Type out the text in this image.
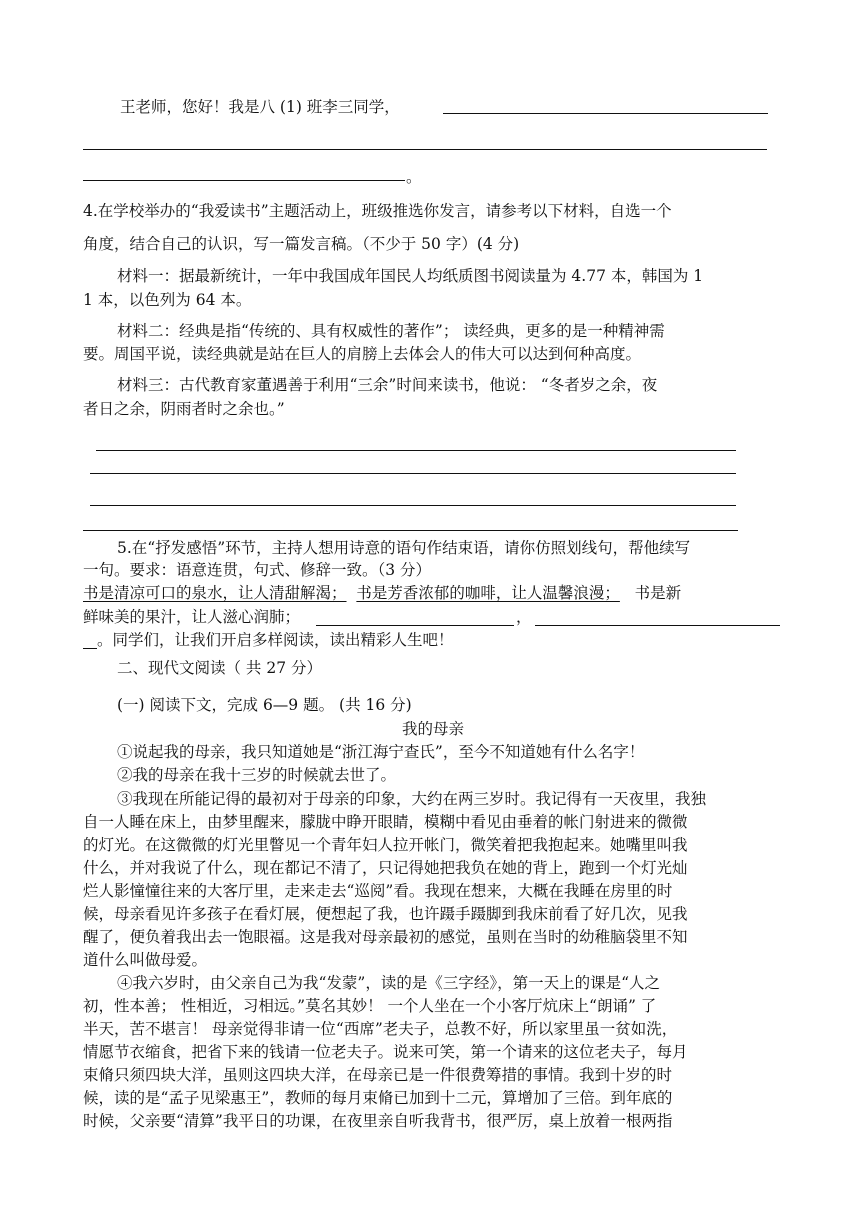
王老师，您好！我是八 (1) 班李三同学，
。
4.在学校举办的“我爱读书”主题活动上，班级推选你发言，请参考以下材料，自选一个
角度，结合自己的认识，写一篇发言稿。（不少于 50 字）(4 分)
材料一：据最新统计，一年中我国成年国民人均纸质图书阅读量为 4.77 本，韩国为 1
1 本，以色列为 64 本。
材料二：经典是指“传统的、具有权威性的著作”； 读经典，更多的是一种精神需
要。周国平说，读经典就是站在巨人的肩膀上去体会人的伟大可以达到何种高度。
材料三：古代教育家董遇善于利用“三余”时间来读书，他说： “冬者岁之余，夜
者日之余，阴雨者时之余也。”
5.在“抒发感悟”环节，主持人想用诗意的语句作结束语，请你仿照划线句，帮他续写
一句。要求：语意连贯，句式、修辞一致。（3 分）
书是清凉可口的泉水，让人清甜解渴； 书是芳香浓郁的咖啡，让人温馨浪漫； 书是新
鲜味美的果汁，让人滋心润肺；	，
。同学们，让我们开启多样阅读，读出精彩人生吧！
二、现代文阅读（ 共 27 分）
(一) 阅读下文，完成 6—9 题。 (共 16 分)
我的母亲
①说起我的母亲，我只知道她是“浙江海宁查氏”，至今不知道她有什么名字！
②我的母亲在我十三岁的时候就去世了。
③我现在所能记得的最初对于母亲的印象，大约在两三岁时。我记得有一天夜里，我独
自一人睡在床上，由梦里醒来，朦胧中睁开眼睛，模糊中看见由垂着的帐门射进来的微微
的灯光。在这微微的灯光里瞥见一个青年妇人拉开帐门，微笑着把我抱起来。她嘴里叫我
什么，并对我说了什么，现在都记不清了，只记得她把我负在她的背上，跑到一个灯光灿
烂人影憧憧往来的大客厅里，走来走去“巡阅”看。我现在想来，大概在我睡在房里的时
候，母亲看见许多孩子在看灯展，便想起了我，也许蹑手蹑脚到我床前看了好几次，见我
醒了，便负着我出去一饱眼福。这是我对母亲最初的感觉，虽则在当时的幼稚脑袋里不知
道什么叫做母爱。
④我六岁时，由父亲自己为我“发蒙”，读的是《三字经》，第一天上的课是“人之
初，性本善； 性相近，习相远。”莫名其妙！ 一个人坐在一个小客厅炕床上“朗诵” 了
半天，苦不堪言！ 母亲觉得非请一位“西席”老夫子，总教不好，所以家里虽一贫如洗，
情愿节衣缩食，把省下来的钱请一位老夫子。说来可笑，第一个请来的这位老夫子，每月
束脩只须四块大洋，虽则这四块大洋，在母亲已是一件很费筹措的事情。我到十岁的时
候，读的是“孟子见梁惠王”，教师的每月束脩已加到十二元，算增加了三倍。到年底的
时候，父亲要“清算”我平日的功课，在夜里亲自听我背书，很严厉，桌上放着一根两指
